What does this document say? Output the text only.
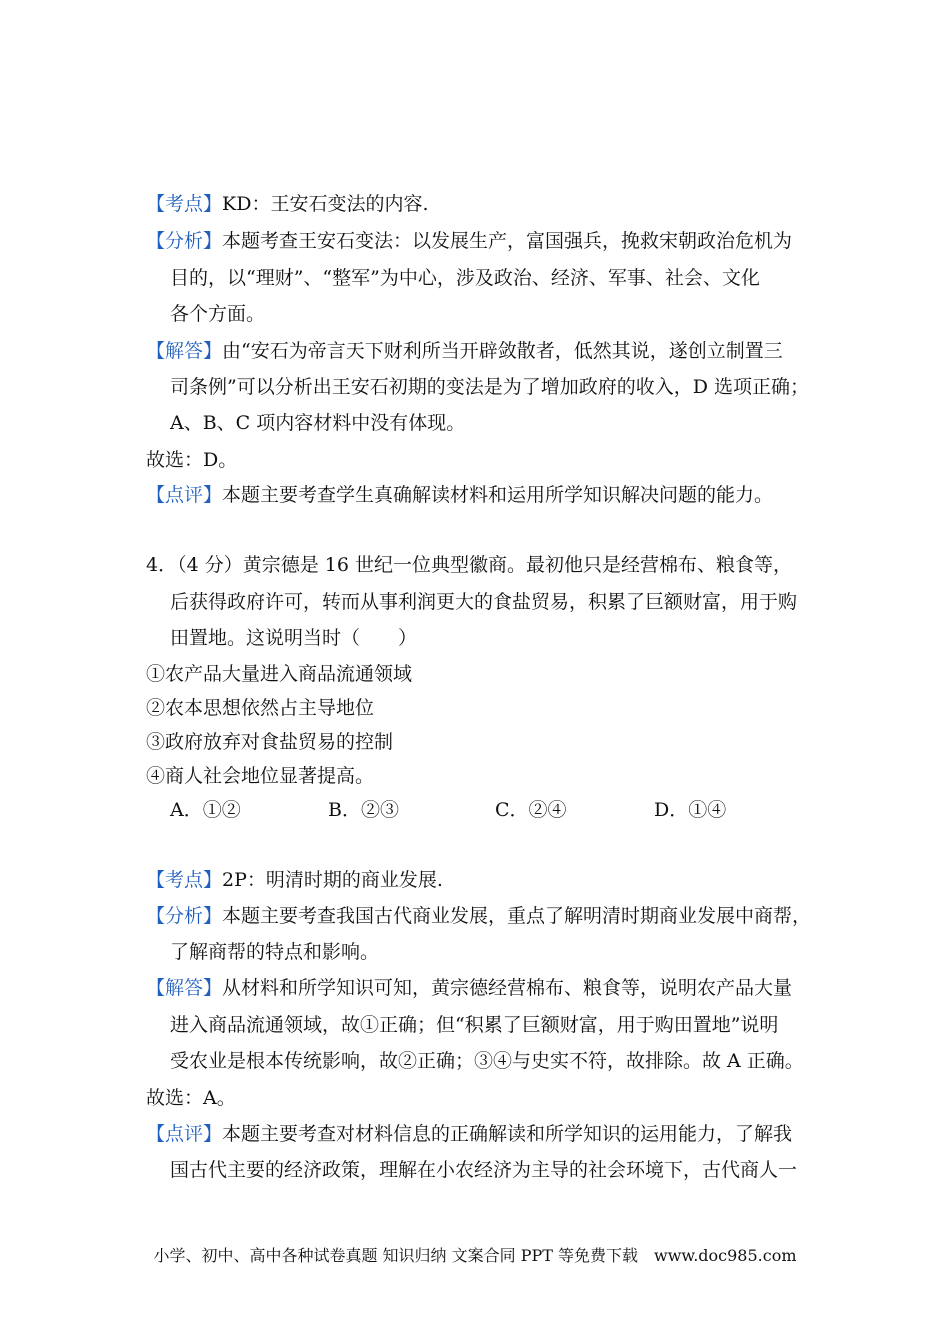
【考点】KD：王安石变法的内容.
【分析】本题考查王安石变法：以发展生产，富国强兵，挽救宋朝政治危机为
目的，以“理财”、“整军”为中心，涉及政治、经济、军事、社会、文化
各个方面。
【解答】由“安石为帝言天下财利所当开辟敛散者，低然其说，遂创立制置三
司条例”可以分析出王安石初期的变法是为了增加政府的收入，D 选项正确；
A、B、C 项内容材料中没有体现。
故选：D。
【点评】本题主要考查学生真确解读材料和运用所学知识解决问题的能力。
4．（4 分）黄宗德是 16 世纪一位典型徽商。最初他只是经营棉布、粮食等，
后获得政府许可，转而从事利润更大的食盐贸易，积累了巨额财富，用于购
田置地。这说明当时（　　）
①农产品大量进入商品流通领域
②农本思想依然占主导地位
③政府放弃对食盐贸易的控制
④商人社会地位显著提高。
A．①②	B．②③	C．②④	D．①④
【考点】2P：明清时期的商业发展.
【分析】本题主要考查我国古代商业发展，重点了解明清时期商业发展中商帮，
了解商帮的特点和影响。
【解答】从材料和所学知识可知，黄宗德经营棉布、粮食等，说明农产品大量
进入商品流通领域，故①正确；但“积累了巨额财富，用于购田置地”说明
受农业是根本传统影响，故②正确；③④与史实不符，故排除。故 A 正确。
故选：A。
【点评】本题主要考查对材料信息的正确解读和所学知识的运用能力，了解我
国古代主要的经济政策，理解在小农经济为主导的社会环境下，古代商人一
小学、初中、高中各种试卷真题 知识归纳 文案合同 PPT 等免费下载　www.doc985.com
